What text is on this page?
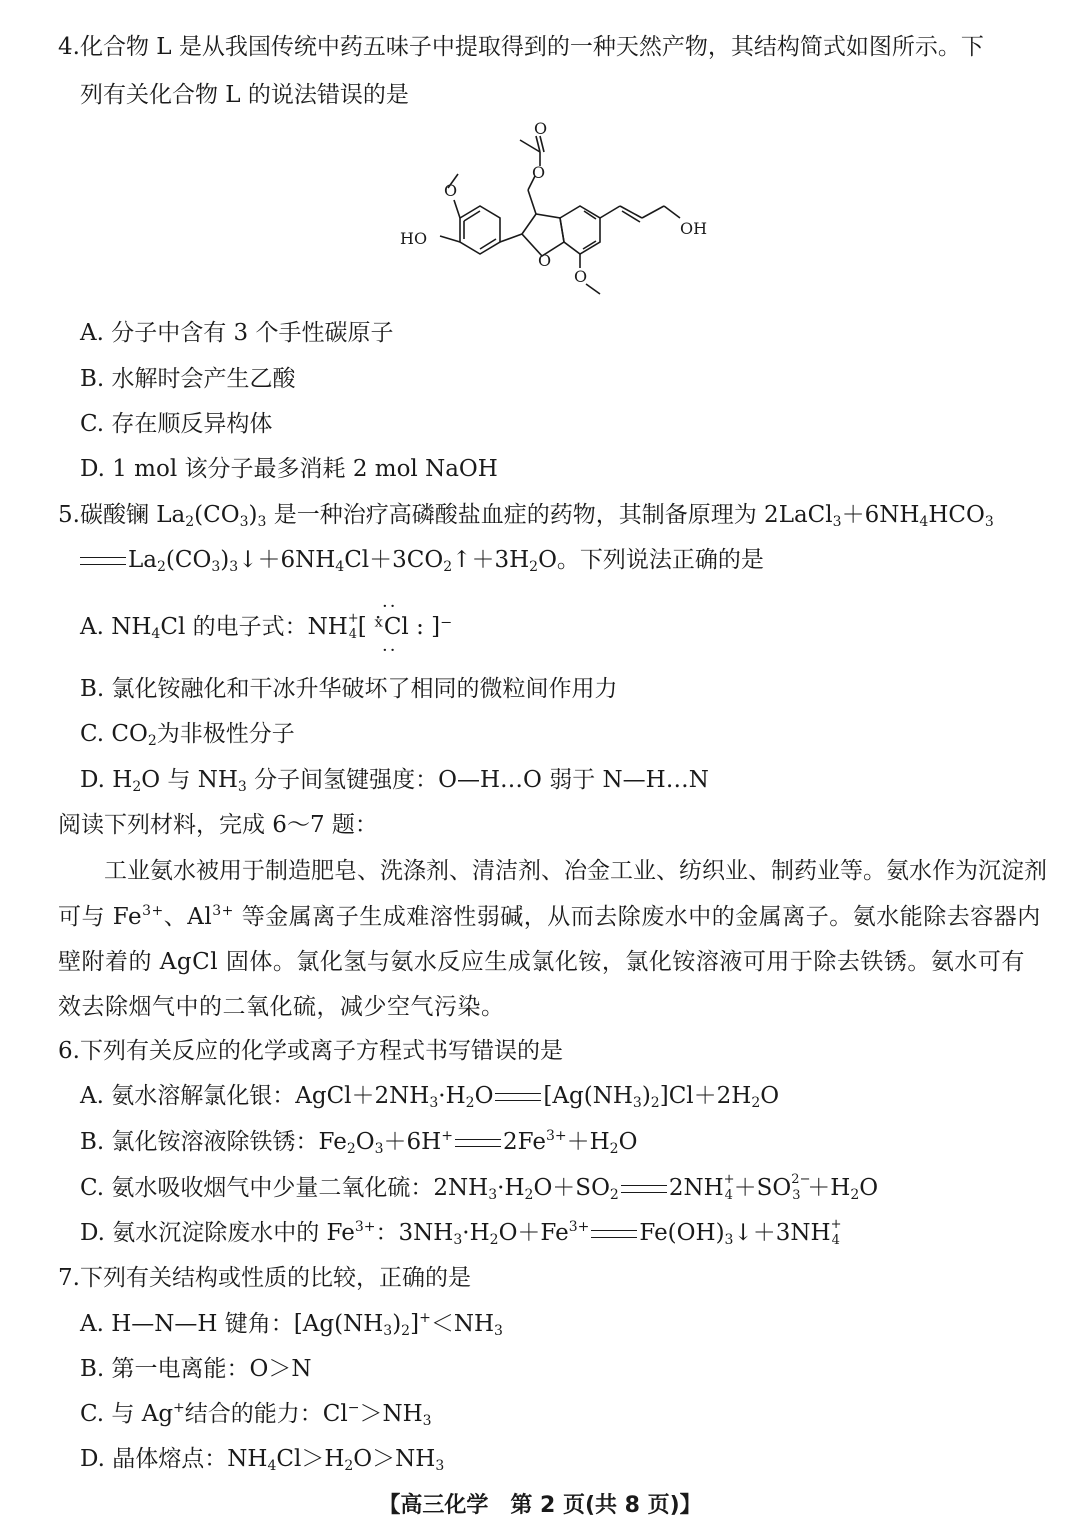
4.化合物 L 是从我国传统中药五味子中提取得到的一种天然产物，其结构简式如图所示。下
列有关化合物 L 的说法错误的是
HO
O
O
O
O
O
OH
A. 分子中含有 3 个手性碳原子
B. 水解时会产生乙酸
C. 存在顺反异构体
D. 1 mol 该分子最多消耗 2 mol NaOH
5.碳酸镧 $La_2(CO_3)_3$ 是一种治疗高磷酸盐血症的药物，其制备原理为 $2LaCl_3+6NH_4HCO_3$
$La_2(CO_3)_3↓+6NH_4Cl+3CO_2↑+3H_2O$。下列说法正确的是
··
A. $NH_4Cl$ 的电子式：NH +
4 [ ˣ̇Cl : ]⁻
··
B. 氯化铵融化和干冰升华破坏了相同的微粒间作用力
C. $CO_2$为非极性分子
D. $H_2O$ 与 $NH_3$ 分子间氢键强度：O—H…O 弱于 N—H…N
阅读下列材料，完成 6～7 题：
工业氨水被用于制造肥皂、洗涤剂、清洁剂、冶金工业、纺织业、制药业等。氨水作为沉淀剂
可与 $Fe^{3+}$、$Al^{3+}$ 等金属离子生成难溶性弱碱，从而去除废水中的金属离子。氨水能除去容器内
壁附着的 AgCl 固体。氯化氢与氨水反应生成氯化铵，氯化铵溶液可用于除去铁锈。氨水可有
效去除烟气中的二氧化硫，减少空气污染。
6.下列有关反应的化学或离子方程式书写错误的是
A. 氨水溶解氯化银：$AgCl+2NH_3\cdot H_2O$ $[Ag(NH_3)_2]Cl+2H_2O$
B. 氯化铵溶液除铁锈：$Fe_2O_3+6H^+$ $2Fe^{3+}+H_2O$
C. 氨水吸收烟气中少量二氧化硫：$2NH_3\cdot H_2O+SO_2$ 2NH +
4 ＋SO 2−
$3 +H_2O$
D. 氨水沉淀除废水中的 $Fe^{3+}$：$3NH_3\cdot H_2O+Fe^{3+}$ $Fe(OH)_3↓+3NH$ +
4
7.下列有关结构或性质的比较，正确的是
A. H—N—H 键角：$[Ag(NH_3)_2]^+<NH_3$
B. 第一电离能：O＞N
C. 与 Ag+结合的能力：$Cl^->NH_3$
D. 晶体熔点：$NH_4Cl>H_2O>NH_3$
【高三化学　第 2 页(共 8 页)】
